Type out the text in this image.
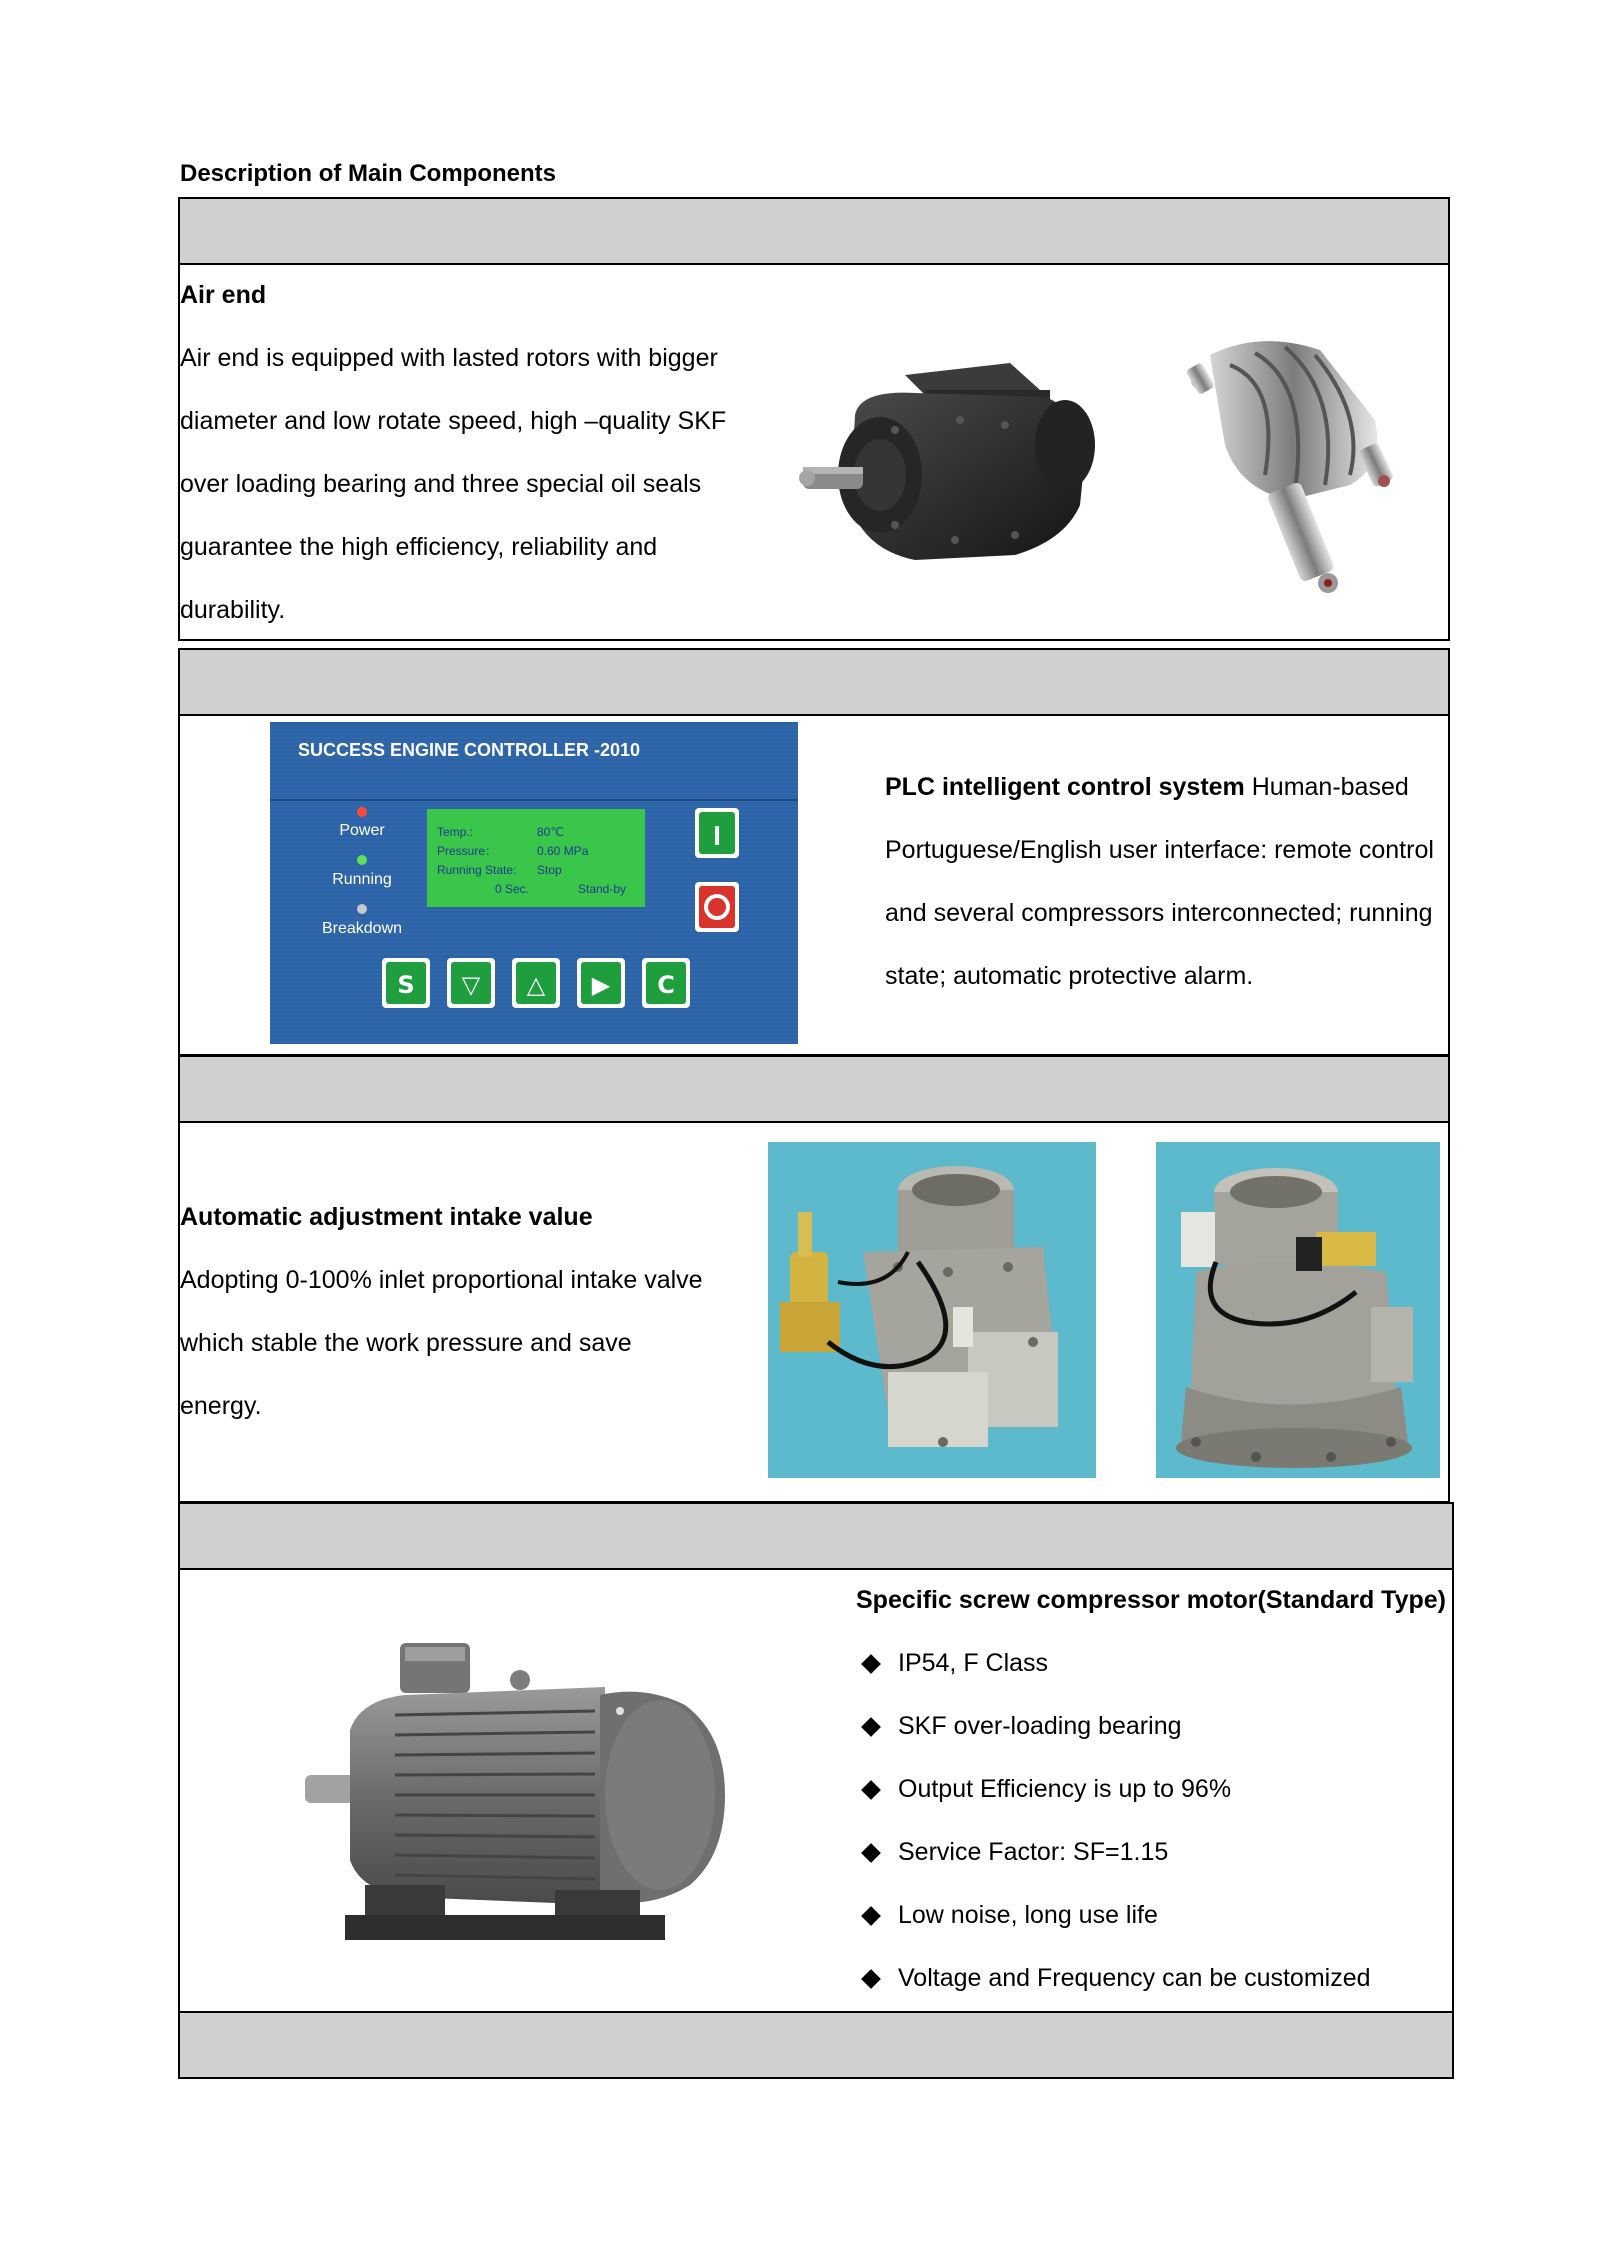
Description of Main Components

Air end

Air end is equipped with lasted rotors with bigger

diameter and low rotate speed, high –quality SKF

over loading bearing and three special oil seals

guarantee the high efficiency, reliability and

durability.

SUCCESS ENGINE CONTROLLER -2010
Power
Running
Breakdown
Temp.:	80℃
Pressure：	0.60 MPa
Running State: Stop
0 Sec.	Stand-by
I
S ▽ △ ▶ C

PLC intelligent control system Human-based

Portuguese/English user interface: remote control

and several compressors interconnected; running

state; automatic protective alarm.

Automatic adjustment intake value

Adopting 0-100% inlet proportional intake valve

which stable the work pressure and save

energy.

Specific screw compressor motor(Standard Type)

IP54, F Class

SKF over-loading bearing

Output Efficiency is up to 96%

Service Factor: SF=1.15

Low noise, long use life

Voltage and Frequency can be customized
